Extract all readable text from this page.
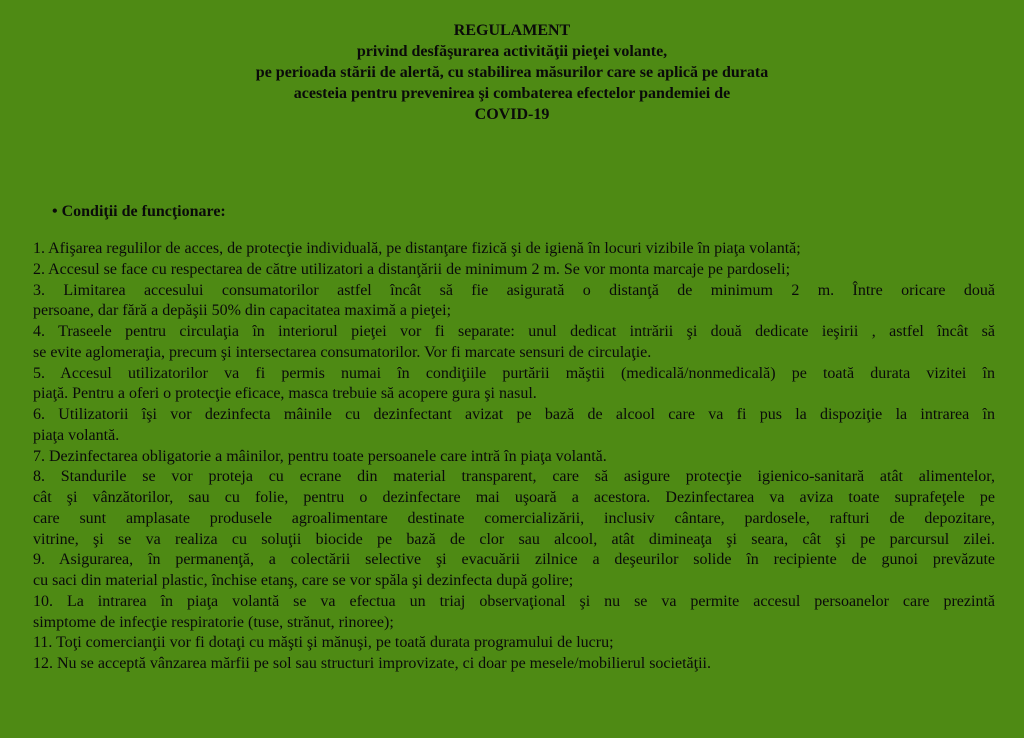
REGULAMENT
privind desfăşurarea activităţii pieţei volante,
pe perioada stării de alertă, cu stabilirea măsurilor care se aplică pe durata
acesteia pentru prevenirea şi combaterea efectelor pandemiei de
COVID-19
• Condiţii de funcţionare:
1. Afişarea regulilor de acces, de protecţie individuală, pe distanţare fizică şi de igienă în locuri vizibile în piaţa volantă;
2. Accesul se face cu respectarea de către utilizatori a distanţării de minimum 2 m. Se vor monta marcaje pe pardoseli;
3. Limitarea accesului consumatorilor astfel încât să fie asigurată o distanţă de minimum 2 m. Între oricare două
persoane, dar fără a depăşii 50% din capacitatea maximă a pieţei;
4. Traseele pentru circulaţia în interiorul pieţei vor fi separate: unul dedicat intrării şi două dedicate ieşirii , astfel încât să
se evite aglomeraţia, precum şi intersectarea consumatorilor. Vor fi marcate sensuri de circulaţie.
5. Accesul utilizatorilor va fi permis numai în condiţiile purtării măştii (medicală/nonmedicală) pe toată durata vizitei în
piaţă. Pentru a oferi o protecţie eficace, masca trebuie să acopere gura şi nasul.
6. Utilizatorii îşi vor dezinfecta mâinile cu dezinfectant avizat pe bază de alcool care va fi pus la dispoziţie la intrarea în
piaţa volantă.
7. Dezinfectarea obligatorie a mâinilor, pentru toate persoanele care intră în piaţa volantă.
8. Standurile se vor proteja cu ecrane din material transparent, care să asigure protecţie igienico-sanitară atât alimentelor,
cât şi vânzătorilor, sau cu folie, pentru o dezinfectare mai uşoară a acestora. Dezinfectarea va aviza toate suprafeţele pe
care sunt amplasate produsele agroalimentare destinate comercializării, inclusiv cântare, pardosele, rafturi de depozitare,
vitrine, şi se va realiza cu soluţii biocide pe bază de clor sau alcool, atât dimineaţa şi seara, cât şi pe parcursul zilei.
9. Asigurarea, în permanenţă, a colectării selective şi evacuării zilnice a deşeurilor solide în recipiente de gunoi prevăzute
cu saci din material plastic, închise etanş, care se vor spăla şi dezinfecta după golire;
10. La intrarea în piaţa volantă se va efectua un triaj observaţional şi nu se va permite accesul persoanelor care prezintă
simptome de infecţie respiratorie (tuse, strănut, rinoree);
11. Toţi comercianţii vor fi dotaţi cu măşti şi mănuşi, pe toată durata programului de lucru;
12. Nu se acceptă vânzarea mărfii pe sol sau structuri improvizate, ci doar pe mesele/mobilierul societăţii.
